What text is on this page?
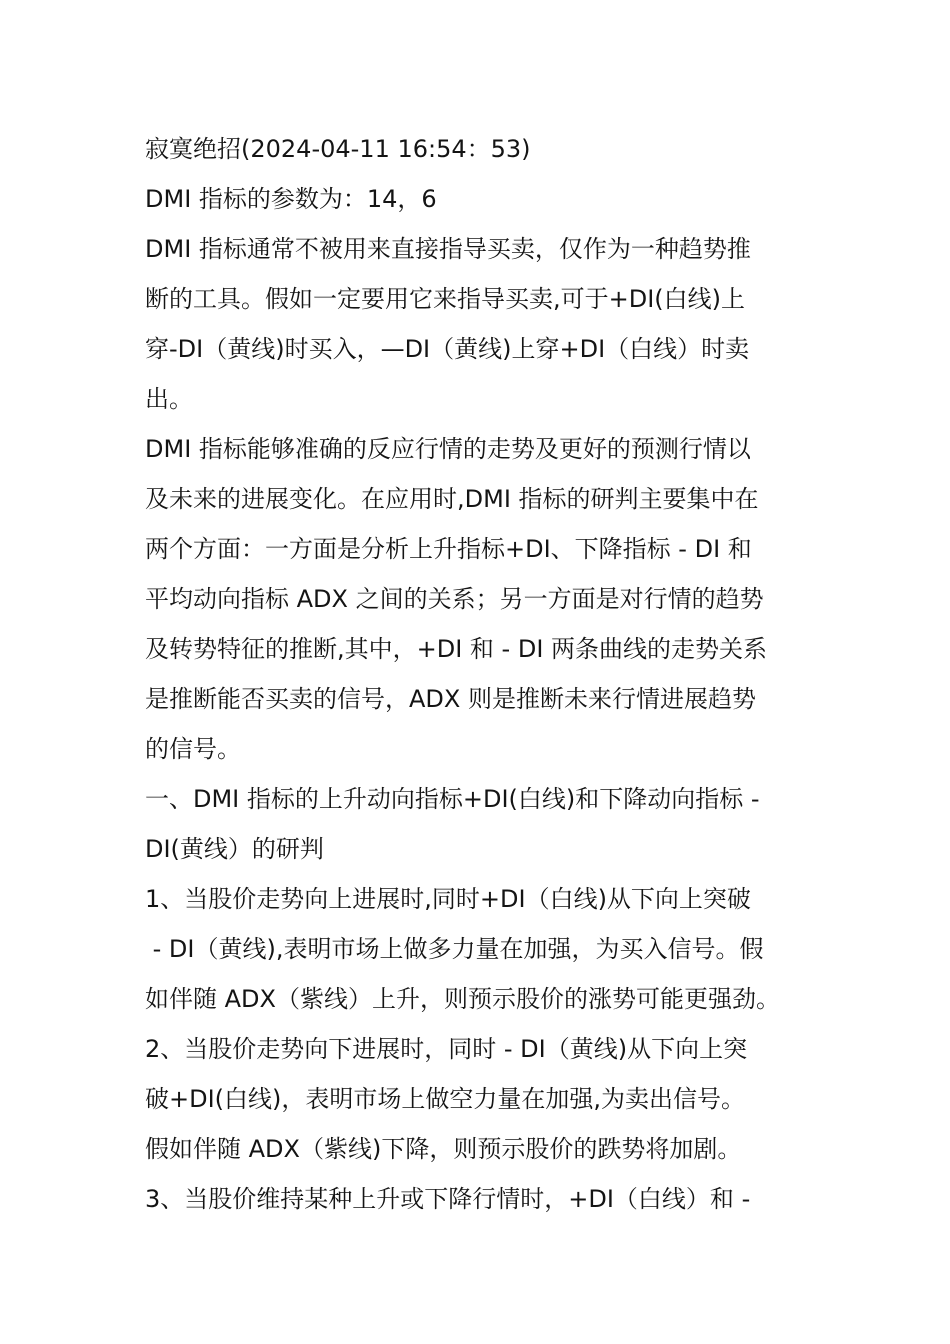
寂寞绝招(2024-04-11 16:54：53)
DMI 指标的参数为：14，6
DMI 指标通常不被用来直接指导买卖，仅作为一种趋势推
断的工具。假如一定要用它来指导买卖,可于+DI(白线)上
穿-DI（黄线)时买入，—DI（黄线)上穿+DI（白线）时卖
出。
DMI 指标能够准确的反应行情的走势及更好的预测行情以
及未来的进展变化。在应用时,DMI 指标的研判主要集中在
两个方面：一方面是分析上升指标+DI、下降指标 - DI 和
平均动向指标 ADX 之间的关系；另一方面是对行情的趋势
及转势特征的推断,其中，+DI 和 - DI 两条曲线的走势关系
是推断能否买卖的信号，ADX 则是推断未来行情进展趋势
的信号。
一、DMI 指标的上升动向指标+DI(白线)和下降动向指标 -
DI(黄线）的研判
1、当股价走势向上进展时,同时+DI（白线)从下向上突破
- DI（黄线),表明市场上做多力量在加强，为买入信号。假
如伴随 ADX（紫线）上升，则预示股价的涨势可能更强劲。
2、当股价走势向下进展时，同时 - DI（黄线)从下向上突
破+DI(白线)，表明市场上做空力量在加强,为卖出信号。
假如伴随 ADX（紫线)下降，则预示股价的跌势将加剧。
3、当股价维持某种上升或下降行情时，+DI（白线）和 -
